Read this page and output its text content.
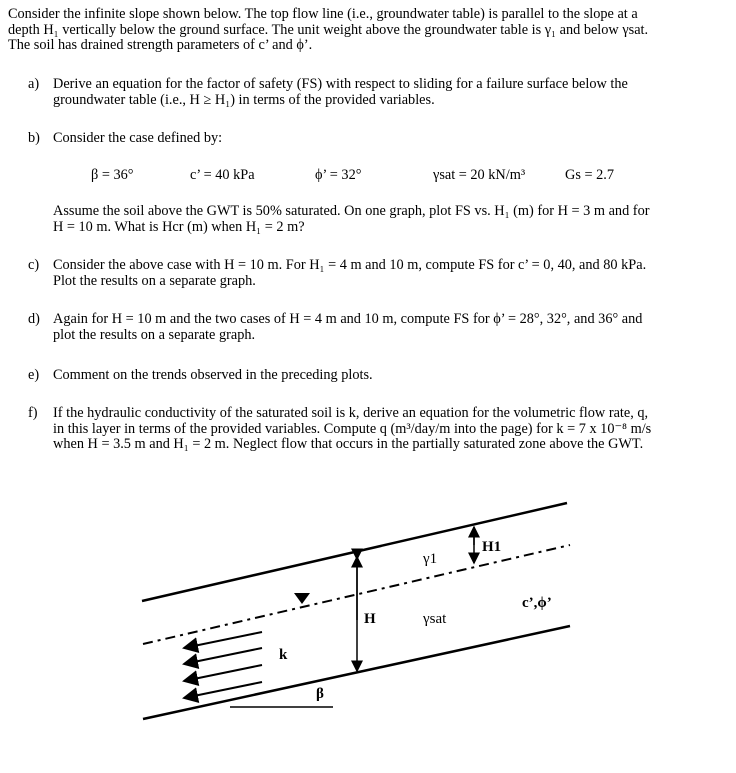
Consider the infinite slope shown below. The top flow line (i.e., groundwater table) is parallel to the slope at a
depth H₁ vertically below the ground surface. The unit weight above the groundwater table is γ₁ and below γsat.
The soil has drained strength parameters of c’ and ϕ’.
a) Derive an equation for the factor of safety (FS) with respect to sliding for a failure surface below the
groundwater table (i.e., H ≥ H₁) in terms of the provided variables.
b) Consider the case defined by:
β = 36°	c’ = 40 kPa	ϕ’ = 32°	γsat = 20 kN/m³	Gs = 2.7
Assume the soil above the GWT is 50% saturated. On one graph, plot FS vs. H₁ (m) for H = 3 m and for
H = 10 m. What is Hcr (m) when H₁ = 2 m?
c) Consider the above case with H = 10 m. For H₁ = 4 m and 10 m, compute FS for c’ = 0, 40, and 80 kPa.
Plot the results on a separate graph.
d) Again for H = 10 m and the two cases of H = 4 m and 10 m, compute FS for ϕ’ = 28°, 32°, and 36° and
plot the results on a separate graph.
e) Comment on the trends observed in the preceding plots.
f) If the hydraulic conductivity of the saturated soil is k, derive an equation for the volumetric flow rate, q,
in this layer in terms of the provided variables. Compute q (m³/day/m into the page) for k = 7 x 10⁻⁸ m/s
when H = 3.5 m and H₁ = 2 m. Neglect flow that occurs in the partially saturated zone above the GWT.
γ1
H1
c’,ϕ’
H	γsat
k
β
